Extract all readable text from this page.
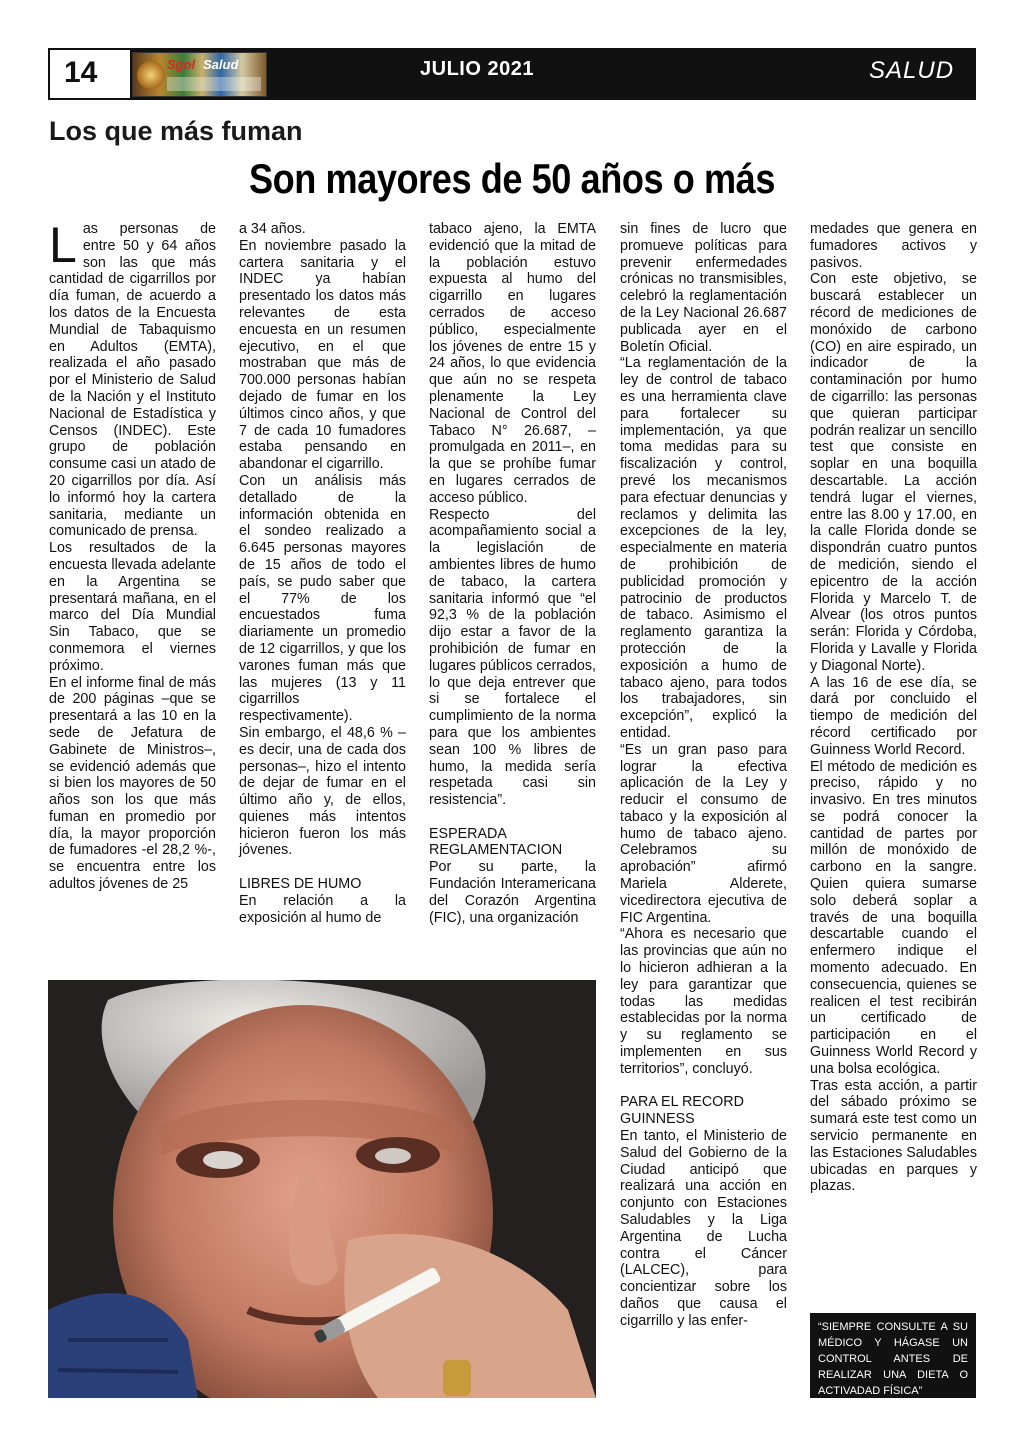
14	Sgol Salud	JULIO 2021	SALUD
Los que más fuman
Son mayores de 50 años o más
L as personas de entre 50 y 64 años son las que más cantidad de cigarrillos por día fuman, de acuerdo a los datos de la Encuesta Mundial de Tabaquismo en Adultos (EMTA), realizada el año pasado por el Ministerio de Salud de la Nación y el Instituto Nacional de Estadística y Censos (INDEC). Este grupo de población consume casi un atado de 20 cigarrillos por día. Así lo informó hoy la cartera sanitaria, mediante un comunicado de prensa.

Los resultados de la encuesta llevada adelante en la Argentina se presentará mañana, en el marco del Día Mundial Sin Tabaco, que se conmemora el viernes próximo.

En el informe final de más de 200 páginas –que se presentará a las 10 en la sede de Jefatura de Gabinete de Ministros–, se evidenció además que si bien los mayores de 50 años son los que más fuman en promedio por día, la mayor proporción de fumadores -el 28,2 %-, se encuentra entre los adultos jóvenes de 25

a 34 años.

En noviembre pasado la cartera sanitaria y el INDEC ya habían presentado los datos más relevantes de esta encuesta en un resumen ejecutivo, en el que mostraban que más de 700.000 personas habían dejado de fumar en los últimos cinco años, y que 7 de cada 10 fumadores estaba pensando en abandonar el cigarrillo.

Con un análisis más detallado de la información obtenida en el sondeo realizado a 6.645 personas mayores de 15 años de todo el país, se pudo saber que el 77% de los encuestados fuma diariamente un promedio de 12 cigarrillos, y que los varones fuman más que las mujeres (13 y 11 cigarrillos respectivamente).

Sin embargo, el 48,6 % –es decir, una de cada dos personas–, hizo el intento de dejar de fumar en el último año y, de ellos, quienes más intentos hicieron fueron los más jóvenes.

LIBRES DE HUMO

En relación a la exposición al humo de

tabaco ajeno, la EMTA evidenció que la mitad de la población estuvo expuesta al humo del cigarrillo en lugares cerrados de acceso público, especialmente los jóvenes de entre 15 y 24 años, lo que evidencia que aún no se respeta plenamente la Ley Nacional de Control del Tabaco N° 26.687, –promulgada en 2011–, en la que se prohíbe fumar en lugares cerrados de acceso público.

Respecto del acompañamiento social a la legislación de ambientes libres de humo de tabaco, la cartera sanitaria informó que “el 92,3 % de la población dijo estar a favor de la prohibición de fumar en lugares públicos cerrados, lo que deja entrever que si se fortalece el cumplimiento de la norma para que los ambientes sean 100 % libres de humo, la medida sería respetada casi sin resistencia”.

ESPERADA REGLAMENTACION

Por su parte, la Fundación Interamericana del Corazón Argentina (FIC), una organización

sin fines de lucro que promueve políticas para prevenir enfermedades crónicas no transmisibles, celebró la reglamentación de la Ley Nacional 26.687 publicada ayer en el Boletín Oficial.

“La reglamentación de la ley de control de tabaco es una herramienta clave para fortalecer su implementación, ya que toma medidas para su fiscalización y control, prevé los mecanismos para efectuar denuncias y reclamos y delimita las excepciones de la ley, especialmente en materia de prohibición de publicidad promoción y patrocinio de productos de tabaco. Asimismo el reglamento garantiza la protección de la exposición a humo de tabaco ajeno, para todos los trabajadores, sin excepción”, explicó la entidad.

“Es un gran paso para lograr la efectiva aplicación de la Ley y reducir el consumo de tabaco y la exposición al humo de tabaco ajeno. Celebramos su aprobación” afirmó Mariela Alderete, vicedirectora ejecutiva de FIC Argentina.

“Ahora es necesario que las provincias que aún no lo hicieron adhieran a la ley para garantizar que todas las medidas establecidas por la norma y su reglamento se implementen en sus territorios”, concluyó.

PARA EL RECORD GUINNESS

En tanto, el Ministerio de Salud del Gobierno de la Ciudad anticipó que realizará una acción en conjunto con Estaciones Saludables y la Liga Argentina de Lucha contra el Cáncer (LALCEC), para concientizar sobre los daños que causa el cigarrillo y las enfer-

medades que genera en fumadores activos y pasivos.

Con este objetivo, se buscará establecer un récord de mediciones de monóxido de carbono (CO) en aire espirado, un indicador de la contaminación por humo de cigarrillo: las personas que quieran participar podrán realizar un sencillo test que consiste en soplar en una boquilla descartable. La acción tendrá lugar el viernes, entre las 8.00 y 17.00, en la calle Florida donde se dispondrán cuatro puntos de medición, siendo el epicentro de la acción Florida y Marcelo T. de Alvear (los otros puntos serán: Florida y Córdoba, Florida y Lavalle y Florida y Diagonal Norte).

A las 16 de ese día, se dará por concluido el tiempo de medición del récord certificado por Guinness World Record.

El método de medición es preciso, rápido y no invasivo. En tres minutos se podrá conocer la cantidad de partes por millón de monóxido de carbono en la sangre. Quien quiera sumarse solo deberá soplar a través de una boquilla descartable cuando el enfermero indique el momento adecuado. En consecuencia, quienes se realicen el test recibirán un certificado de participación en el Guinness World Record y una bolsa ecológica.

Tras esta acción, a partir del sábado próximo se sumará este test como un servicio permanente en las Estaciones Saludables ubicadas en parques y plazas.

“SIEMPRE CONSULTE A SU MÉDICO Y HÁGASE UN CONTROL ANTES DE REALIZAR UNA DIETA O ACTIVADAD FÍSICA”
